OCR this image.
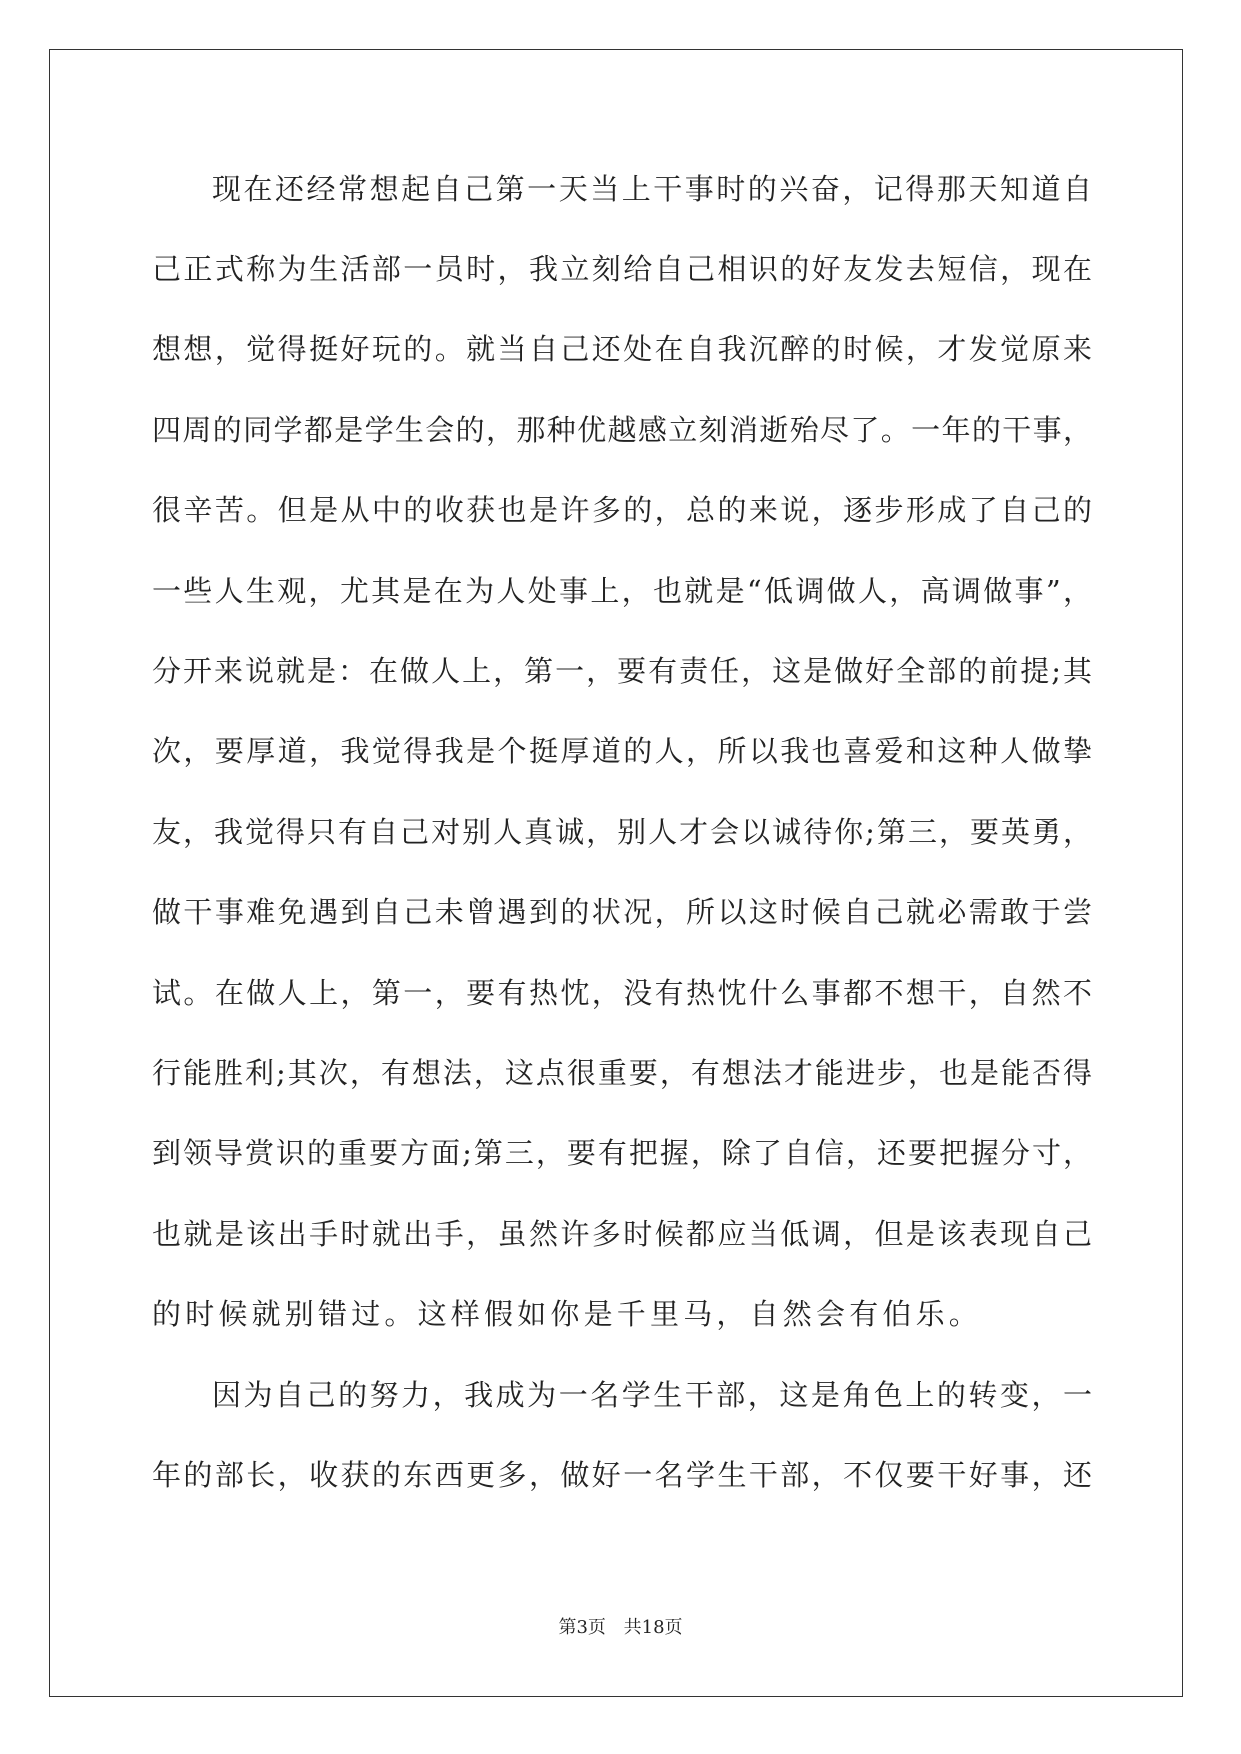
现在还经常想起自己第一天当上干事时的兴奋，记得那天知道自
己正式称为生活部一员时，我立刻给自己相识的好友发去短信，现在
想想，觉得挺好玩的。就当自己还处在自我沉醉的时候，才发觉原来
四周的同学都是学生会的，那种优越感立刻消逝殆尽了。一年的干事，
很辛苦。但是从中的收获也是许多的，总的来说，逐步形成了自己的
一些人生观，尤其是在为人处事上，也就是“低调做人，高调做事”，
分开来说就是：在做人上，第一，要有责任，这是做好全部的前提;其
次，要厚道，我觉得我是个挺厚道的人，所以我也喜爱和这种人做挚
友，我觉得只有自己对别人真诚，别人才会以诚待你;第三，要英勇，
做干事难免遇到自己未曾遇到的状况，所以这时候自己就必需敢于尝
试。在做人上，第一，要有热忱，没有热忱什么事都不想干，自然不
行能胜利;其次，有想法，这点很重要，有想法才能进步，也是能否得
到领导赏识的重要方面;第三，要有把握，除了自信，还要把握分寸，
也就是该出手时就出手，虽然许多时候都应当低调，但是该表现自己
的时候就别错过。这样假如你是千里马，自然会有伯乐。
因为自己的努力，我成为一名学生干部，这是角色上的转变，一
年的部长，收获的东西更多，做好一名学生干部，不仅要干好事，还
第3页 共18页
